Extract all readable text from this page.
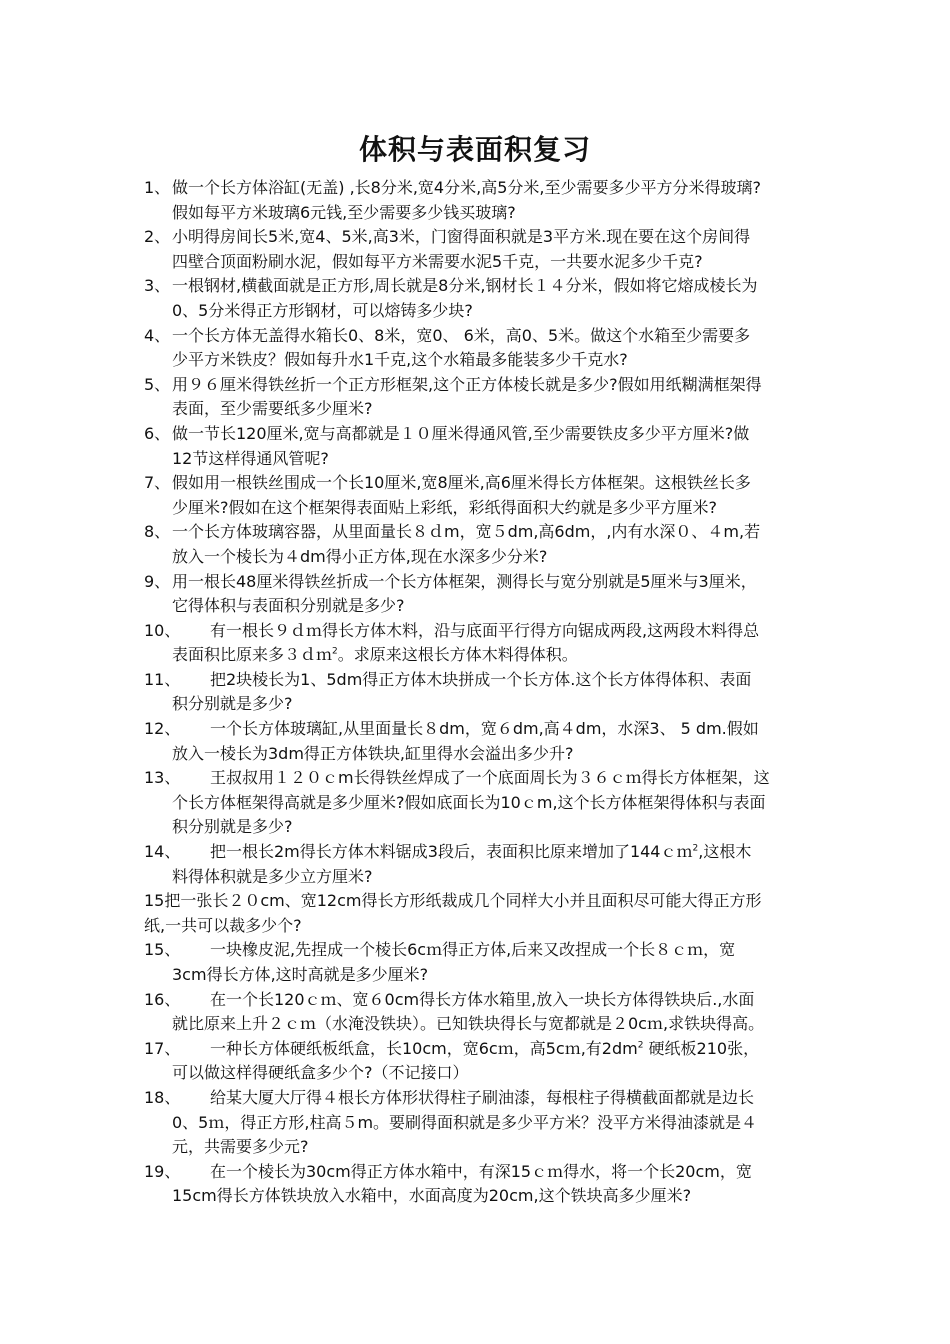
体积与表面积复习
1、 做一个长方体浴缸(无盖) ,长8分米,宽4分米,高5分米,至少需要多少平方分米得玻璃?
假如每平方米玻璃6元钱,至少需要多少钱买玻璃?
2、 小明得房间长5米,宽4、5米,高3米，门窗得面积就是3平方米.现在要在这个房间得
四壁合顶面粉刷水泥，假如每平方米需要水泥5千克，一共要水泥多少千克?
3、 一根钢材,横截面就是正方形,周长就是8分米,钢材长１４分米，假如将它熔成棱长为
0、5分米得正方形钢材，可以熔铸多少块?
4、 一个长方体无盖得水箱长0、8米，宽0、 6米，高0、5米。做这个水箱至少需要多
少平方米铁皮？假如每升水1千克,这个水箱最多能装多少千克水?
5、 用９６厘米得铁丝折一个正方形框架,这个正方体棱长就是多少?假如用纸糊满框架得
表面，至少需要纸多少厘米?
6、 做一节长120厘米,宽与高都就是１０厘米得通风管,至少需要铁皮多少平方厘米?做
12节这样得通风管呢?
7、 假如用一根铁丝围成一个长10厘米,宽8厘米,高6厘米得长方体框架。这根铁丝长多
少厘米?假如在这个框架得表面贴上彩纸，彩纸得面积大约就是多少平方厘米?
8、 一个长方体玻璃容器，从里面量长８ｄm，宽５dm,高6dm，,内有水深０、４m,若
放入一个棱长为４dm得小正方体,现在水深多少分米?
9、 用一根长48厘米得铁丝折成一个长方体框架，测得长与宽分别就是5厘米与3厘米，
它得体积与表面积分别就是多少?
10、	有一根长９ｄｍ得长方体木料，沿与底面平行得方向锯成两段,这两段木料得总
表面积比原来多３ｄｍ$^2$。求原来这根长方体木料得体积。
11、	把2块棱长为1、5dm得正方体木块拼成一个长方体.这个长方体得体积、表面
积分别就是多少?
12、	一个长方体玻璃缸,从里面量长８dm，宽６dm,高４dm，水深3、 5 dm.假如
放入一棱长为3dm得正方体铁块,缸里得水会溢出多少升?
13、	王叔叔用１２０ｃm长得铁丝焊成了一个底面周长为３６ｃｍ得长方体框架，这
个长方体框架得高就是多少厘米?假如底面长为10ｃm,这个长方体框架得体积与表面
积分别就是多少?
14、	把一根长2m得长方体木料锯成3段后，表面积比原来增加了144ｃｍ$^2$,这根木
料得体积就是多少立方厘米?
15把一张长２０cm、宽12cm得长方形纸裁成几个同样大小并且面积尽可能大得正方形
纸,一共可以裁多少个?
15、	一块橡皮泥,先捏成一个棱长6cｍ得正方体,后来又改捏成一个长８ｃｍ，宽
3cm得长方体,这时高就是多少厘米?
16、	在一个长120ｃｍ、宽６0cm得长方体水箱里,放入一块长方体得铁块后.,水面
就比原来上升２ｃｍ（水淹没铁块）。已知铁块得长与宽都就是２0cｍ,求铁块得高。
17、	一种长方体硬纸板纸盒，长10cm，宽6cｍ，高5cｍ,有$2dm^2$ 硬纸板210张，
可以做这样得硬纸盒多少个?（不记接口）
18、	给某大厦大厅得４根长方体形状得柱子刷油漆，每根柱子得横截面都就是边长
0、5ｍ，得正方形,柱高５m。要刷得面积就是多少平方米？没平方米得油漆就是４
元，共需要多少元?
19、	在一个棱长为30cm得正方体水箱中，有深15ｃｍ得水，将一个长20cm，宽
15cm得长方体铁块放入水箱中，水面高度为20cm,这个铁块高多少厘米?
